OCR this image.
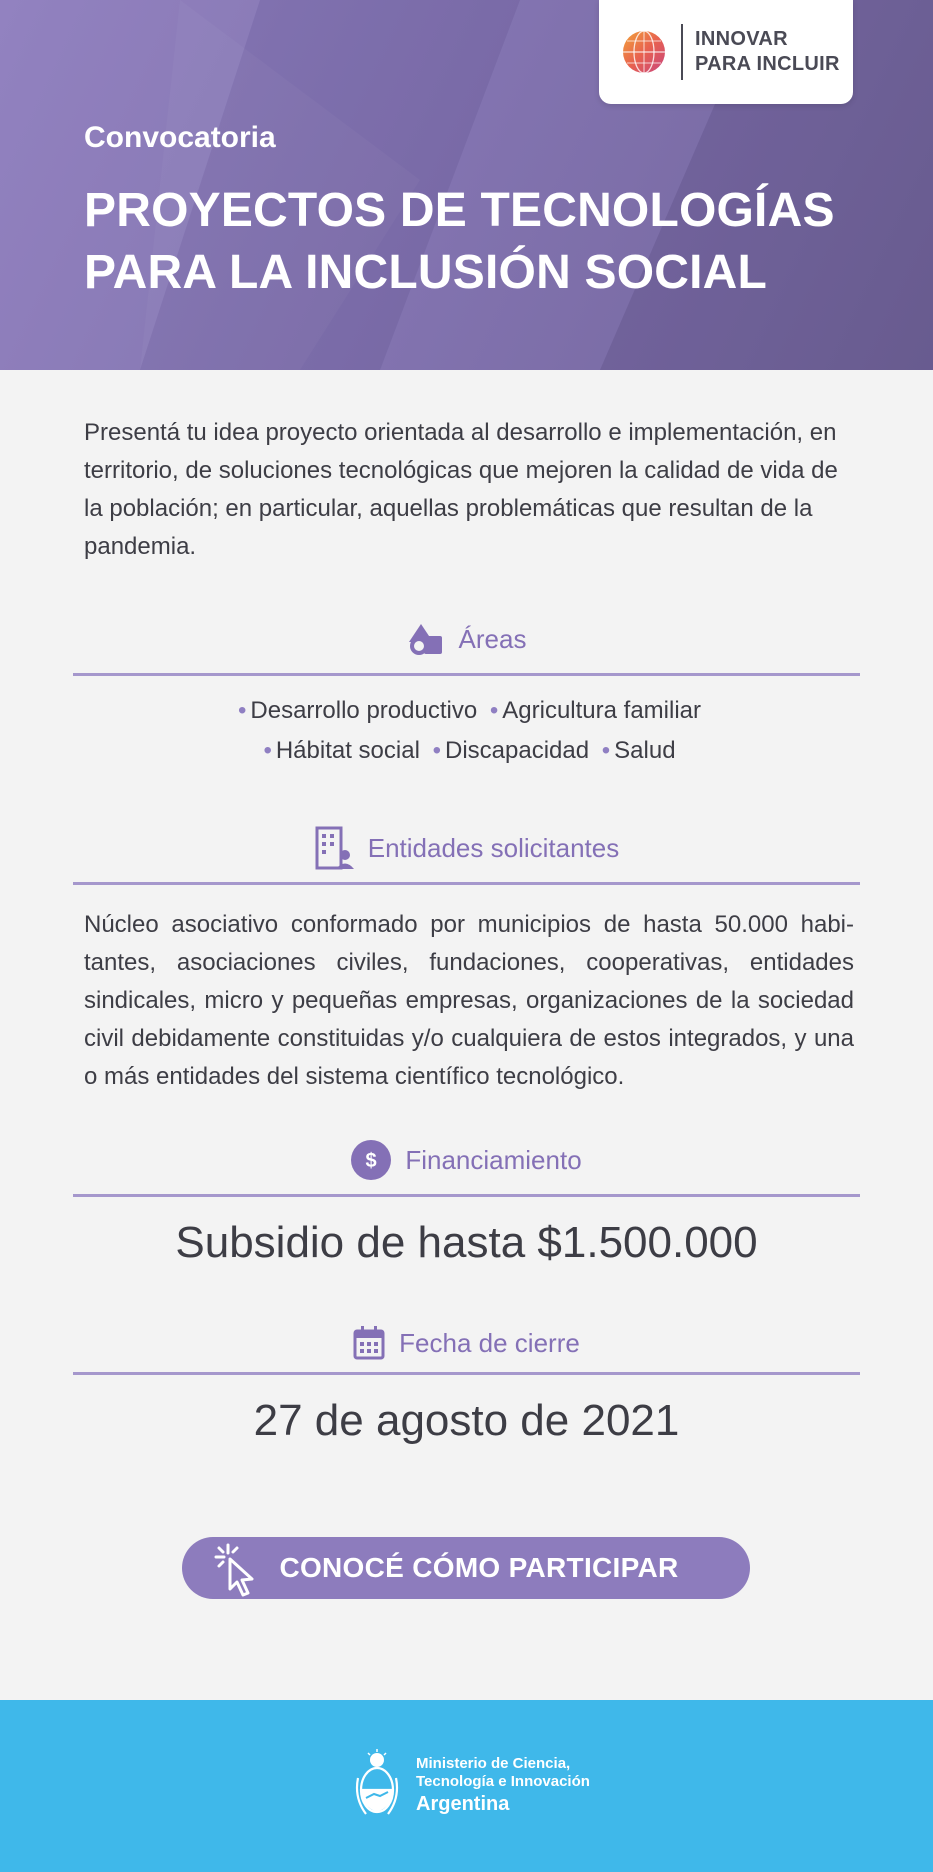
INNOVAR
PARA INCLUIR
Convocatoria
PROYECTOS DE TECNOLOGÍAS
PARA LA INCLUSIÓN SOCIAL

Presentá tu idea proyecto orientada al desarrollo e implementación, en territorio, de soluciones tecnológicas que mejoren la calidad de vida de la población; en particular, aquellas problemáticas que resultan de la pandemia.

Áreas
• Desarrollo productivo • Agricultura familiar
• Hábitat social • Discapacidad • Salud
Entidades solicitantes

Núcleo asociativo conformado por municipios de hasta 50.000 habi-tantes, asociaciones civiles, fundaciones, cooperativas, entidades sindicales, micro y pequeñas empresas, organizaciones de la sociedad civil debidamente constituidas y/o cualquiera de estos integrados, y una o más entidades del sistema científico tecnológico.

$ Financiamiento
Subsidio de hasta $1.500.000
Fecha de cierre
27 de agosto de 2021
CONOCÉ CÓMO PARTICIPAR
Ministerio de Ciencia,
Tecnología e Innovación
Argentina
